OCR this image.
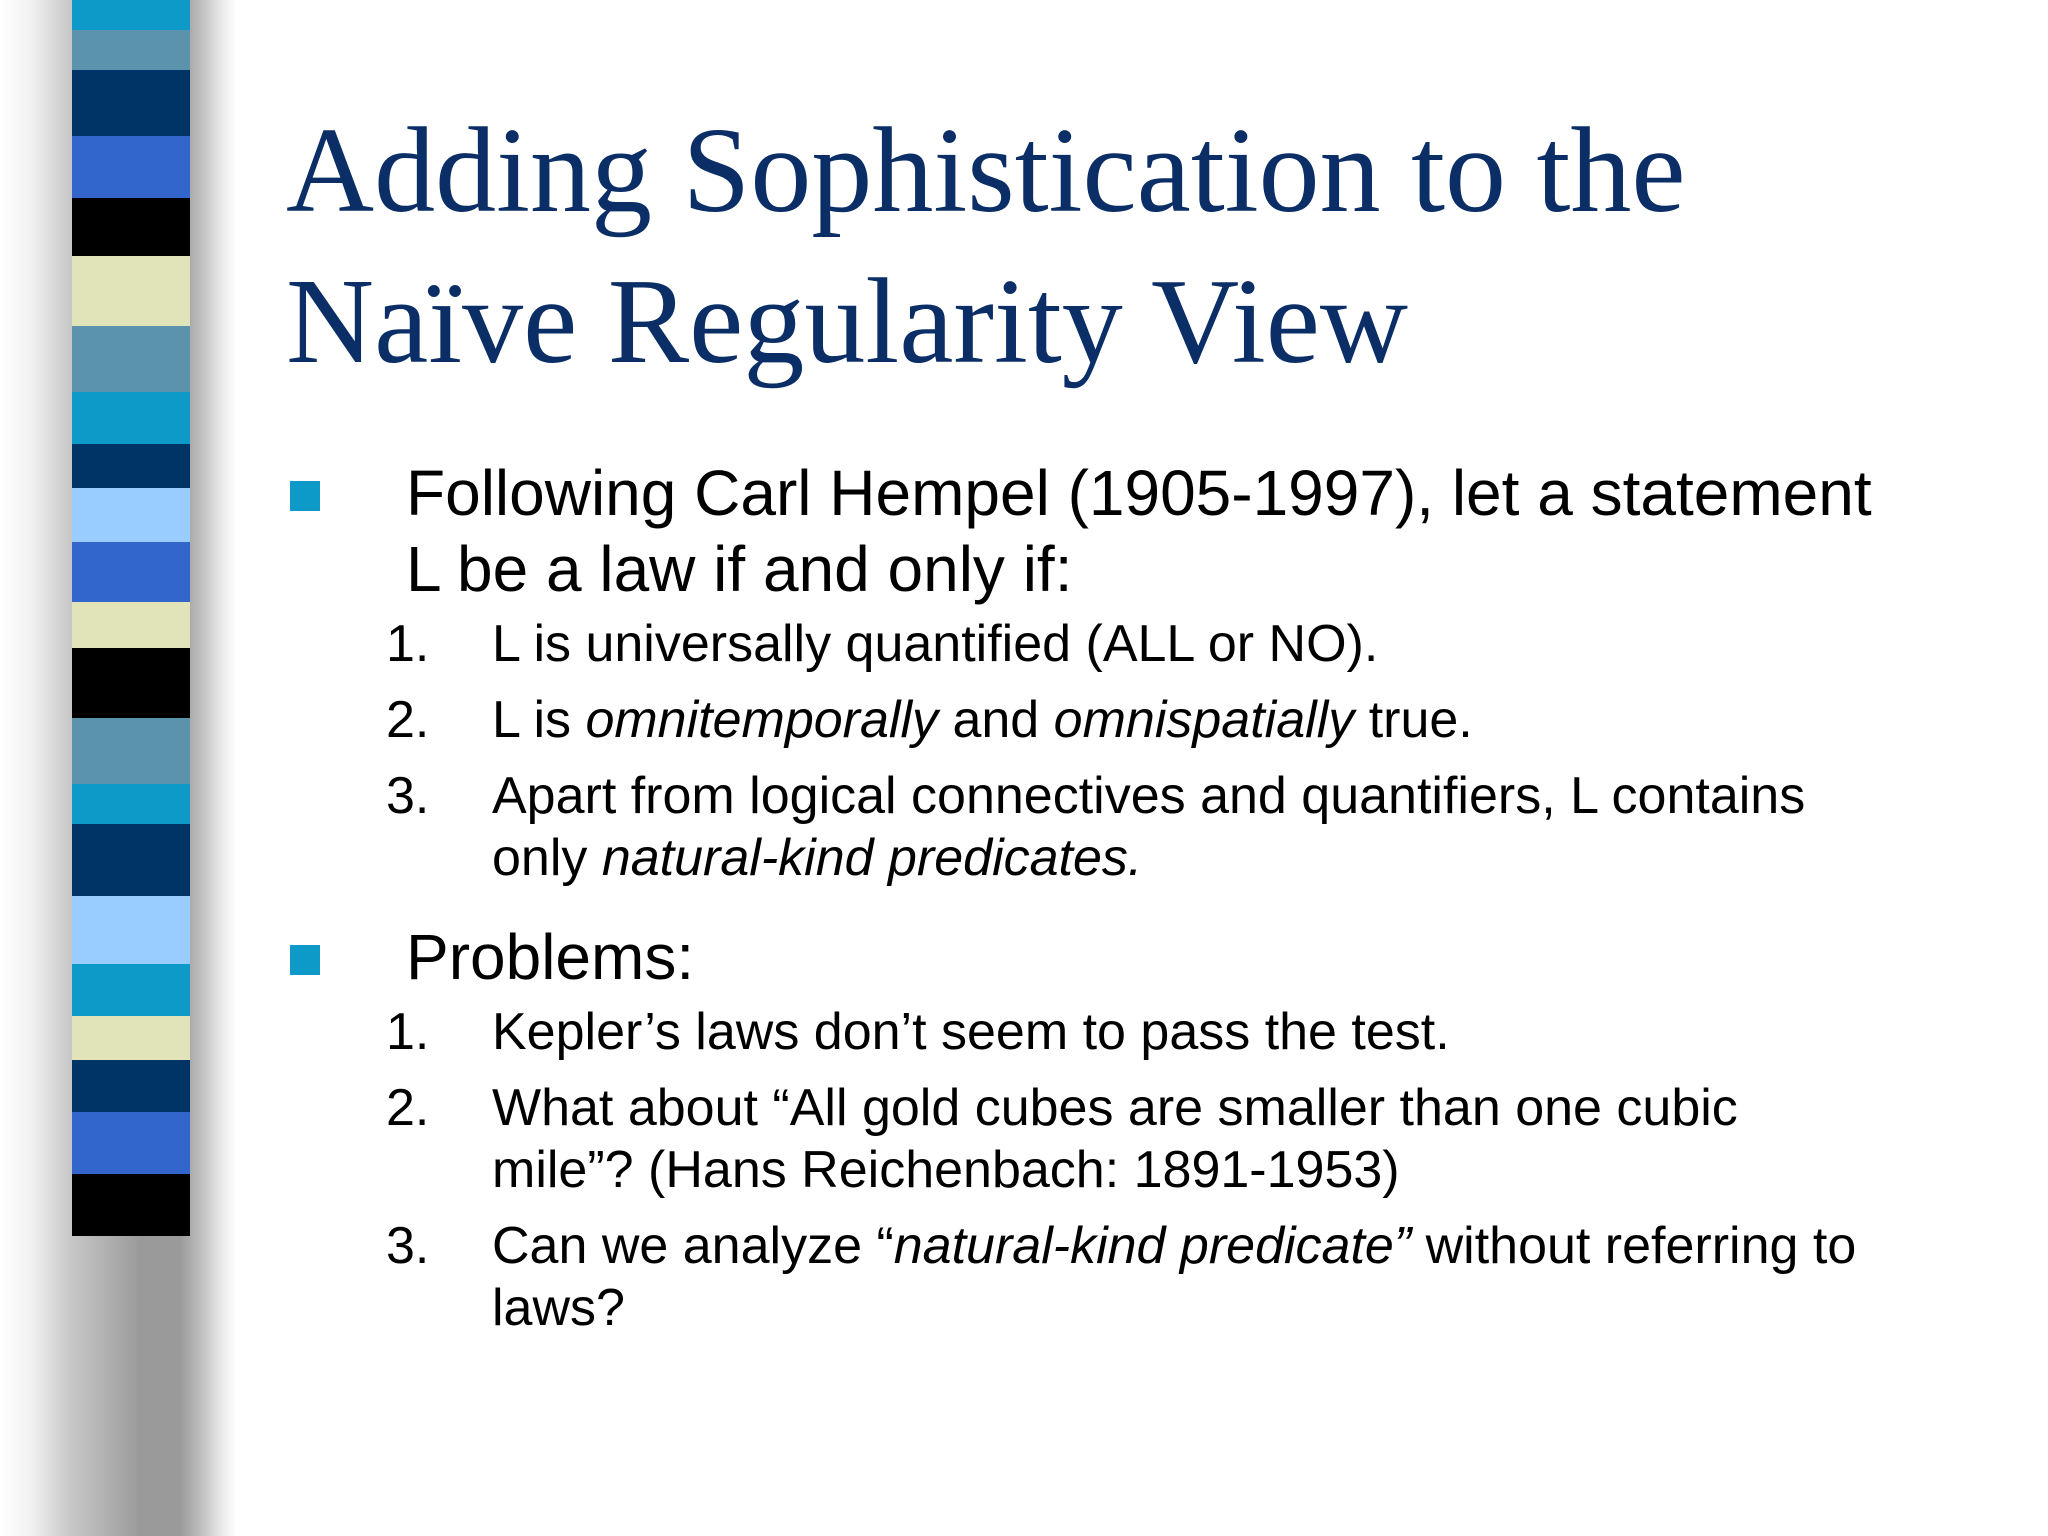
Adding Sophistication to the
Naïve Regularity View
Following Carl Hempel (1905-1997), let a statement
L be a law if and only if:
1. L is universally quantified (ALL or NO).
2. L is omnitemporally and omnispatially true.
3. Apart from logical connectives and quantifiers, L contains
only natural-kind predicates.
Problems:
1. Kepler’s laws don’t seem to pass the test.
2. What about “All gold cubes are smaller than one cubic
mile”? (Hans Reichenbach: 1891-1953)
3. Can we analyze “natural-kind predicate” without referring to
laws?
